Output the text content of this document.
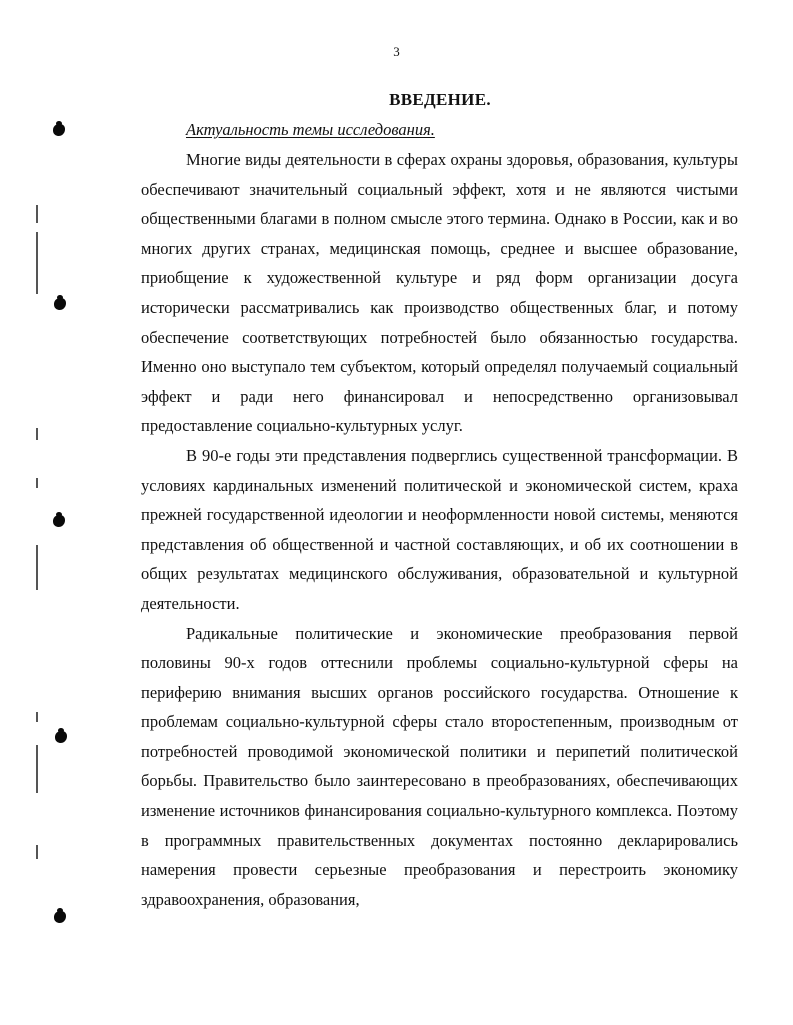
3
ВВЕДЕНИЕ.
Актуальность темы исследования.

Многие виды деятельности в сферах охраны здоровья, образования, культуры обеспечивают значительный социальный эффект, хотя и не являются чистыми общественными благами в полном смысле этого термина. Однако в России, как и во многих других странах, медицинская помощь, среднее и высшее образование, приобщение к художественной культуре и ряд форм организации досуга исторически рассматривались как производство общественных благ, и потому обеспечение соответствующих потребностей было обязанностью государства. Именно оно выступало тем субъектом, который определял получаемый социальный эффект и ради него финансировал и непосредственно организовывал предоставление социально-культурных услуг.

В 90-е годы эти представления подверглись существенной трансформации. В условиях кардинальных изменений политической и экономической систем, краха прежней государственной идеологии и неоформленности новой системы, меняются представления об общественной и частной составляющих, и об их соотношении в общих результатах медицинского обслуживания, образовательной и культурной деятельности.

Радикальные политические и экономические преобразования первой половины 90-х годов оттеснили проблемы социально-культурной сферы на периферию внимания высших органов российского государства. Отношение к проблемам социально-культурной сферы стало второстепенным, производным от потребностей проводимой экономической политики и перипетий политической борьбы. Правительство было заинтересовано в преобразованиях, обеспечивающих изменение источников финансирования социально-культурного комплекса. Поэтому в программных правительственных документах постоянно декларировались намерения провести серьезные преобразования и перестроить экономику здравоохранения, образования,
